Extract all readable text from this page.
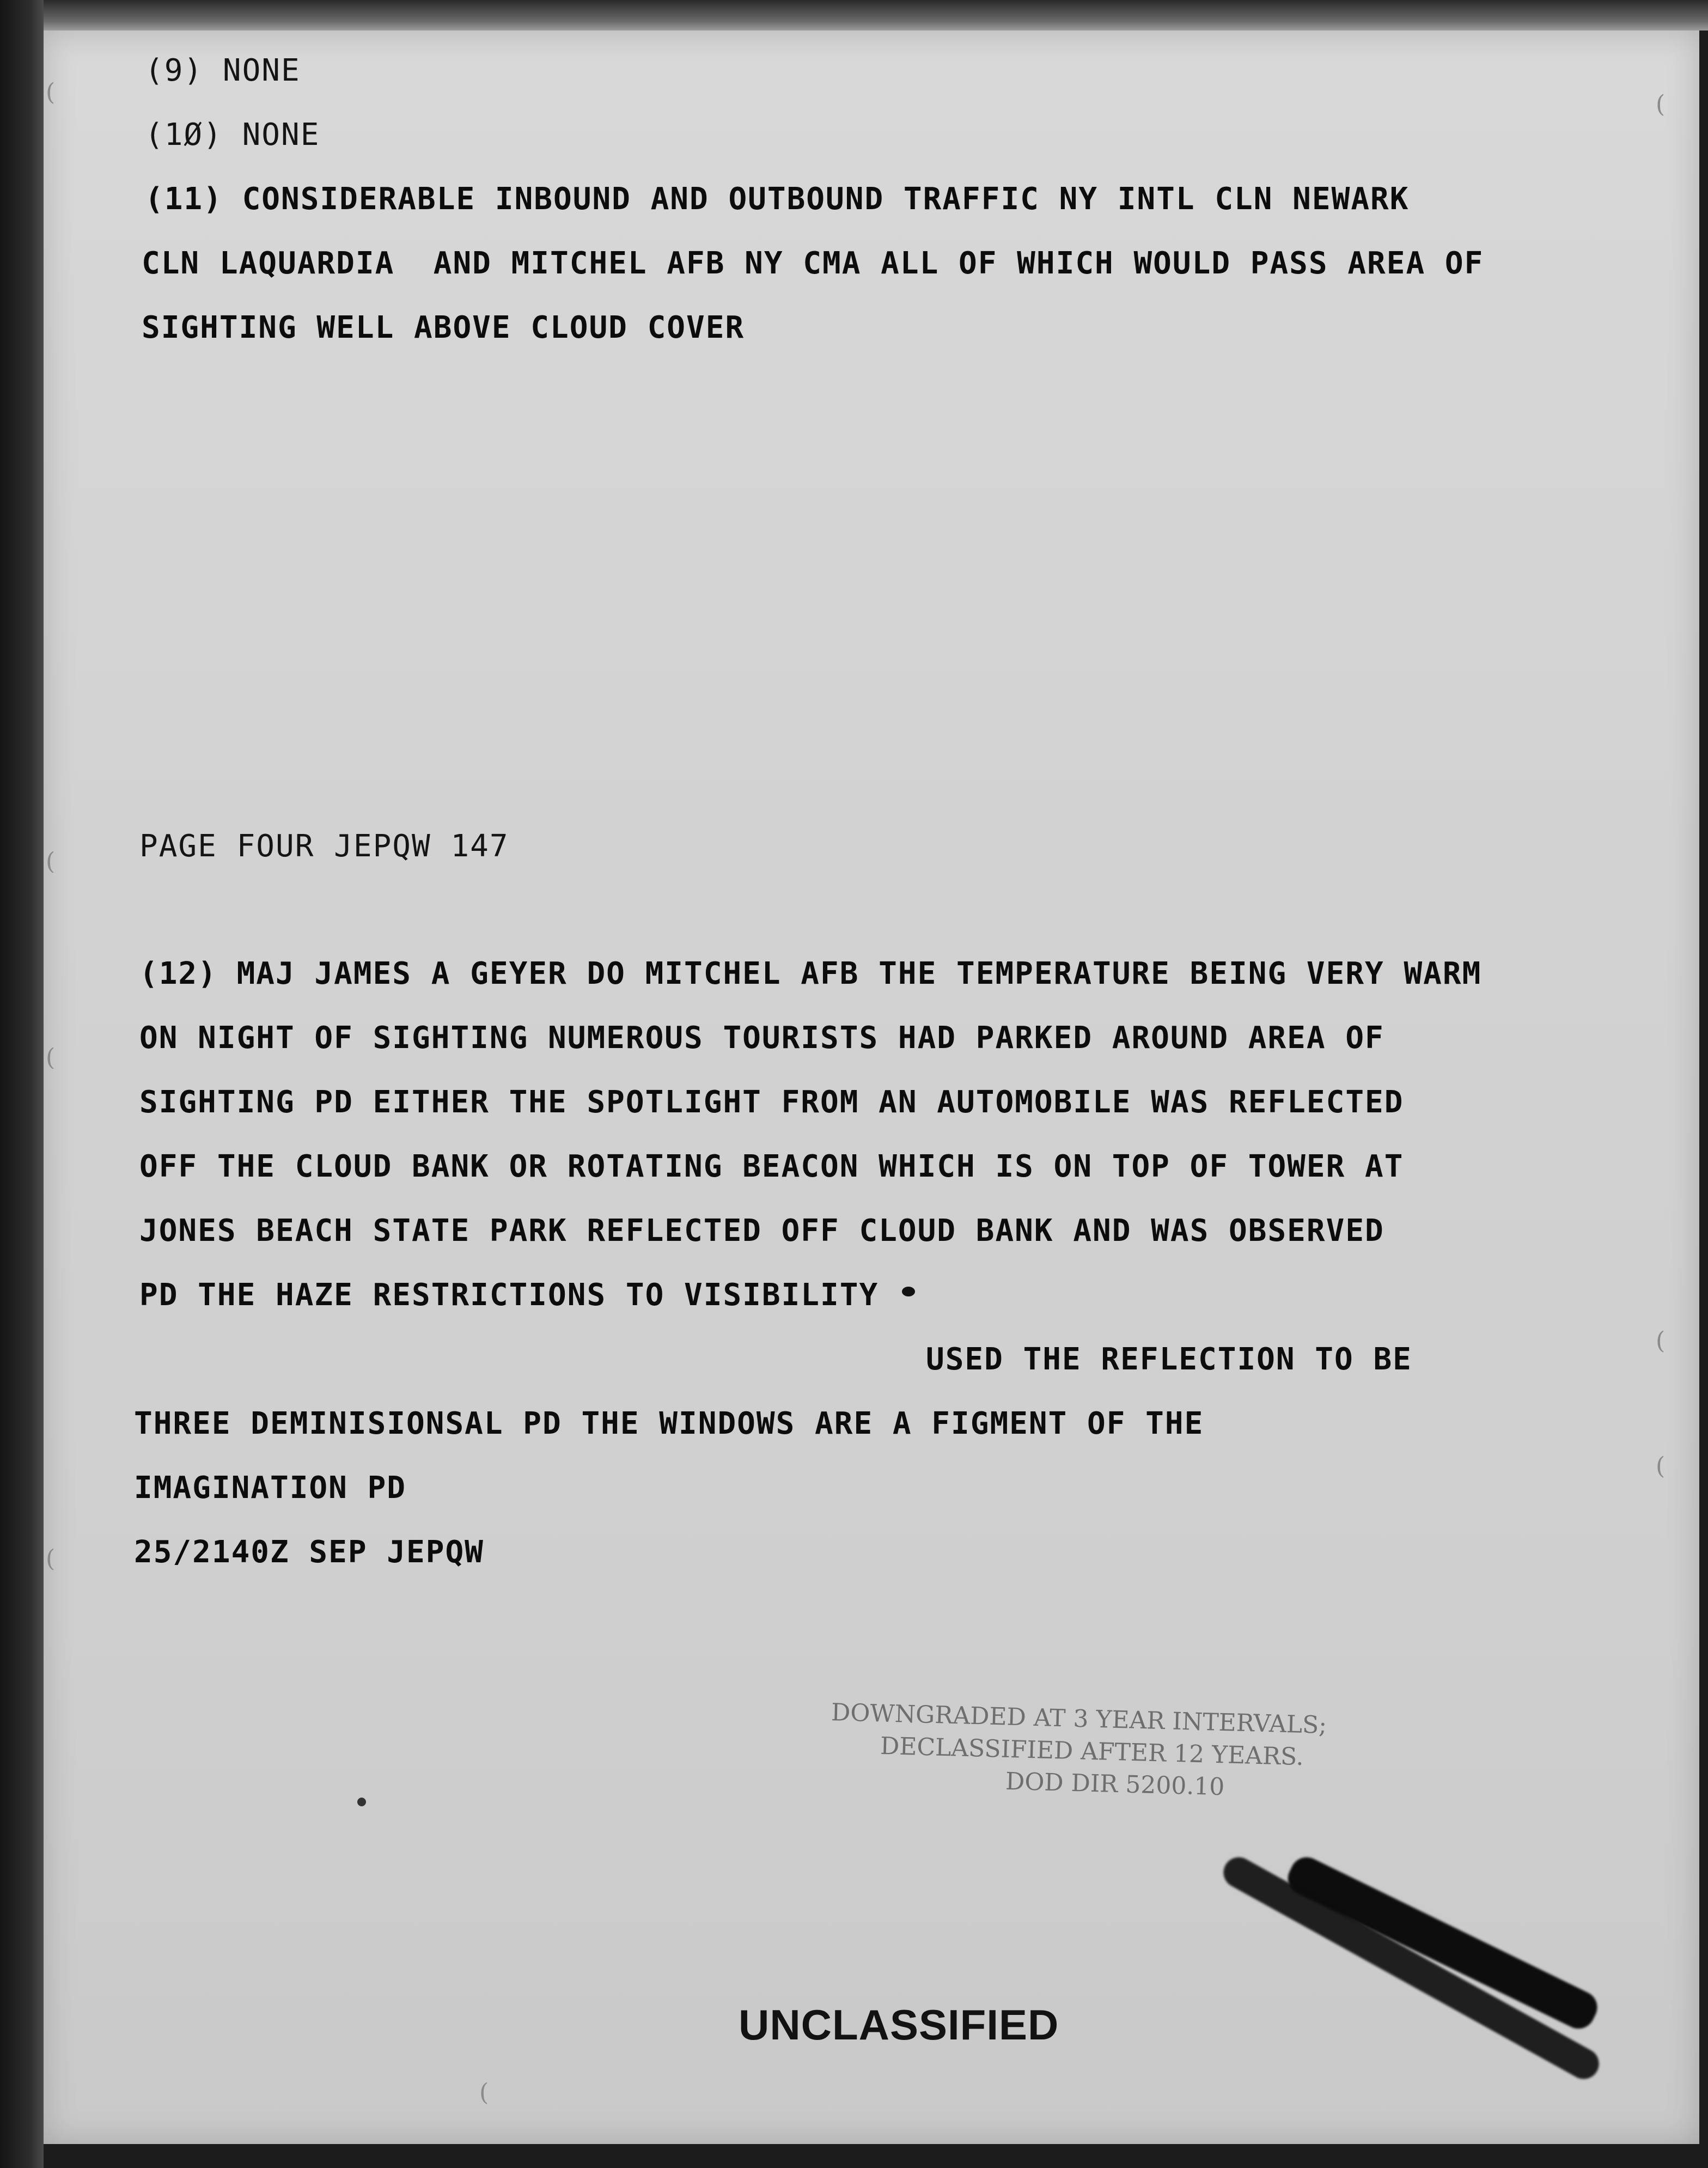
(
(
(
(
(
(
(
(

(9) NONE

(1Ø) NONE

(11) CONSIDERABLE INBOUND AND OUTBOUND TRAFFIC NY INTL CLN NEWARK

CLN LAQUARDIA  AND MITCHEL AFB NY CMA ALL OF WHICH WOULD PASS AREA OF

SIGHTING WELL ABOVE CLOUD COVER

PAGE FOUR JEPQW 147

(12) MAJ JAMES A GEYER DO MITCHEL AFB THE TEMPERATURE BEING VERY WARM

ON NIGHT OF SIGHTING NUMEROUS TOURISTS HAD PARKED AROUND AREA OF

SIGHTING PD EITHER THE SPOTLIGHT FROM AN AUTOMOBILE WAS REFLECTED

OFF THE CLOUD BANK OR ROTATING BEACON WHICH IS ON TOP OF TOWER AT

JONES BEACH STATE PARK REFLECTED OFF CLOUD BANK AND WAS OBSERVED

PD THE HAZE RESTRICTIONS TO VISIBILITY

USED THE REFLECTION TO BE

THREE DEMINISIONSAL PD THE WINDOWS ARE A FIGMENT OF THE

IMAGINATION PD

25/2140Z SEP JEPQW

DOWNGRADED AT 3 YEAR INTERVALS;
DECLASSIFIED AFTER 12 YEARS.
DOD DIR 5200.10
UNCLASSIFIED
